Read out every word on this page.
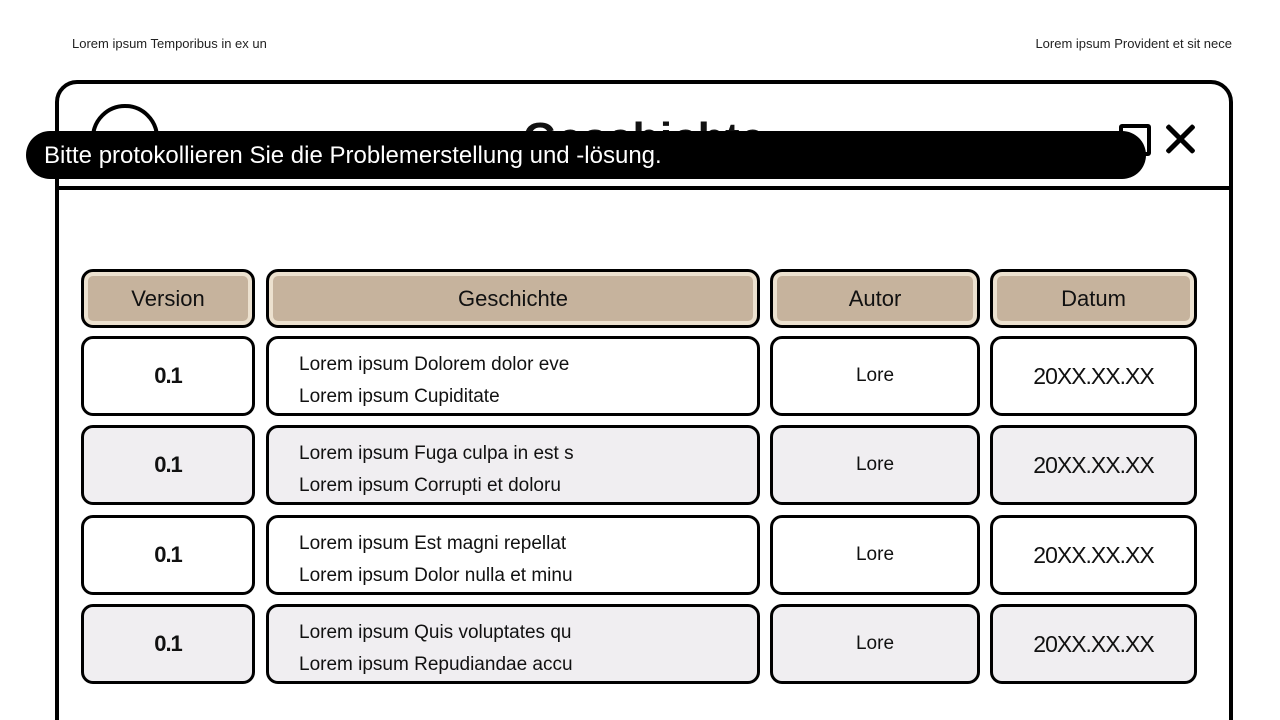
Lorem ipsum Temporibus in ex un	Lorem ipsum Provident et sit nece
Bitte protokollieren Sie die Problemerstellung und -lösung.
Version	Geschichte	Autor	Datum
0.1	Lorem ipsum Dolorem dolor eve
Lorem ipsum Cupiditate
Lore	20XX.XX.XX
0.1	Lorem ipsum Fuga culpa in est s
Lorem ipsum Corrupti et doloru
Lore	20XX.XX.XX
0.1	Lorem ipsum Est magni repellat
Lorem ipsum Dolor nulla et minu
Lore	20XX.XX.XX
0.1	Lorem ipsum Quis voluptates qu
Lorem ipsum Repudiandae accu
Lore	20XX.XX.XX
